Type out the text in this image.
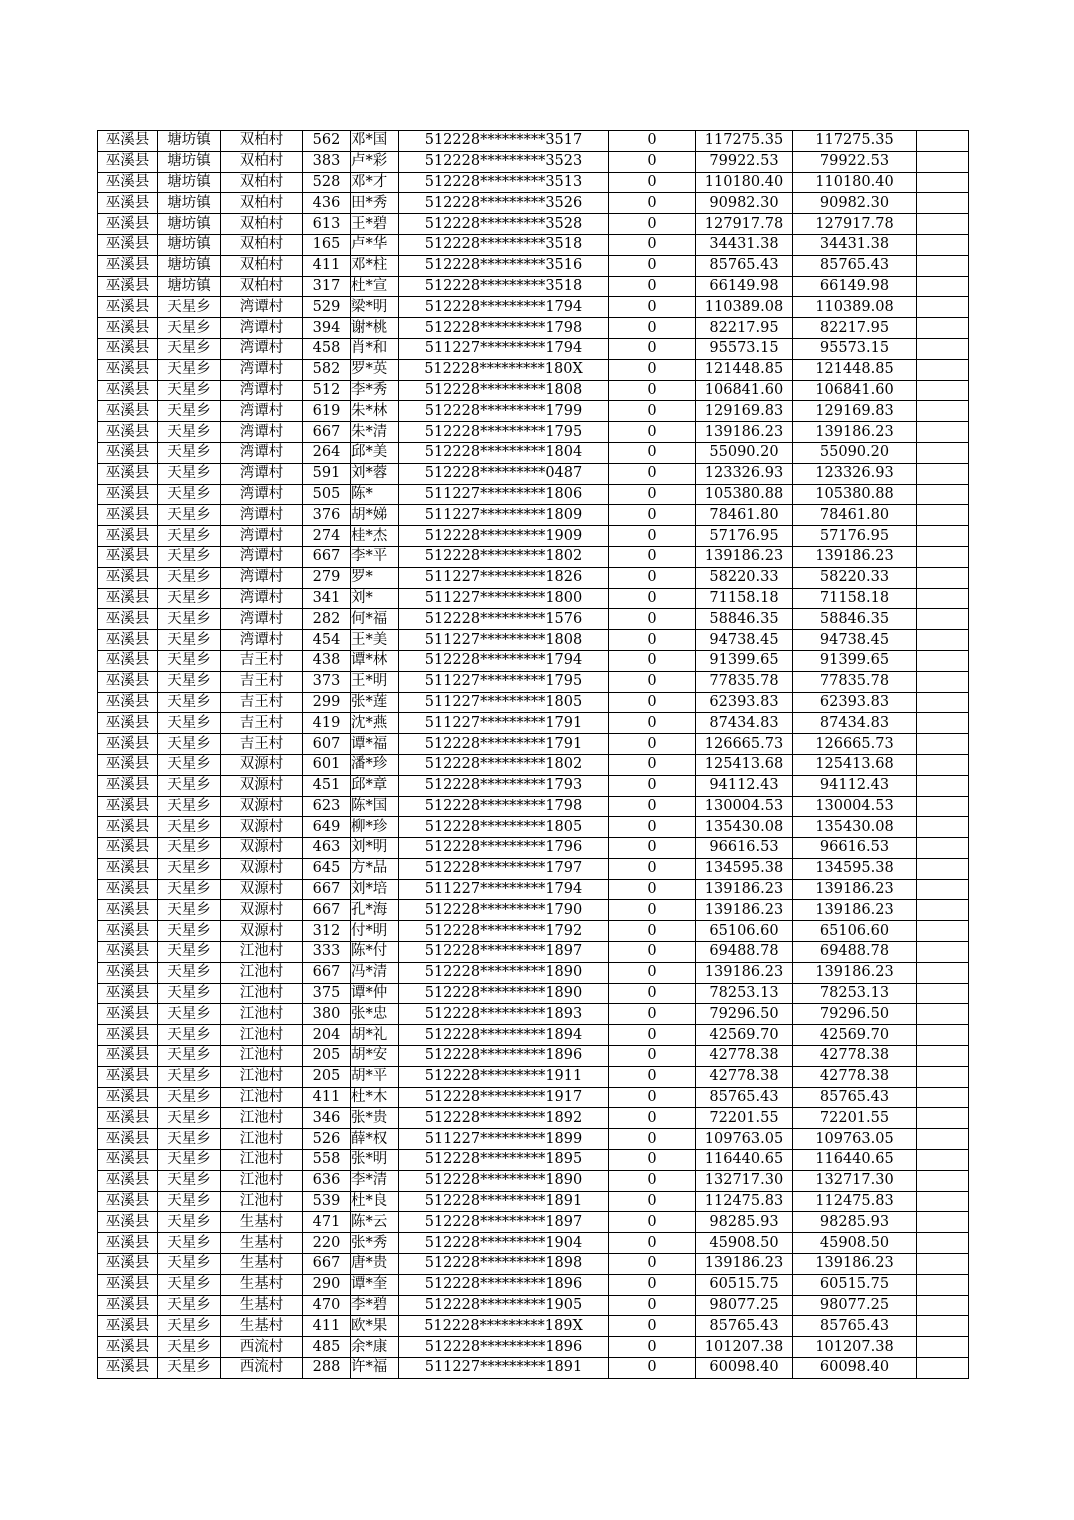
巫溪县	塘坊镇	双柏村	562	邓*国	512228*********3517	0	117275.35	117275.35	
巫溪县	塘坊镇	双柏村	383	卢*彩	512228*********3523	0	79922.53	79922.53	
巫溪县	塘坊镇	双柏村	528	邓*才	512228*********3513	0	110180.40	110180.40	
巫溪县	塘坊镇	双柏村	436	田*秀	512228*********3526	0	90982.30	90982.30	
巫溪县	塘坊镇	双柏村	613	王*碧	512228*********3528	0	127917.78	127917.78	
巫溪县	塘坊镇	双柏村	165	卢*华	512228*********3518	0	34431.38	34431.38	
巫溪县	塘坊镇	双柏村	411	邓*柱	512228*********3516	0	85765.43	85765.43	
巫溪县	塘坊镇	双柏村	317	杜*宣	512228*********3518	0	66149.98	66149.98	
巫溪县	天星乡	湾谭村	529	梁*明	512228*********1794	0	110389.08	110389.08	
巫溪县	天星乡	湾谭村	394	谢*桃	512228*********1798	0	82217.95	82217.95	
巫溪县	天星乡	湾谭村	458	肖*和	511227*********1794	0	95573.15	95573.15	
巫溪县	天星乡	湾谭村	582	罗*英	512228*********180X	0	121448.85	121448.85	
巫溪县	天星乡	湾谭村	512	李*秀	512228*********1808	0	106841.60	106841.60	
巫溪县	天星乡	湾谭村	619	朱*林	512228*********1799	0	129169.83	129169.83	
巫溪县	天星乡	湾谭村	667	朱*清	512228*********1795	0	139186.23	139186.23	
巫溪县	天星乡	湾谭村	264	邱*美	512228*********1804	0	55090.20	55090.20	
巫溪县	天星乡	湾谭村	591	刘*蓉	512228*********0487	0	123326.93	123326.93	
巫溪县	天星乡	湾谭村	505	陈*	511227*********1806	0	105380.88	105380.88	
巫溪县	天星乡	湾谭村	376	胡*娣	511227*********1809	0	78461.80	78461.80	
巫溪县	天星乡	湾谭村	274	桂*杰	512228*********1909	0	57176.95	57176.95	
巫溪县	天星乡	湾谭村	667	李*平	512228*********1802	0	139186.23	139186.23	
巫溪县	天星乡	湾谭村	279	罗*	511227*********1826	0	58220.33	58220.33	
巫溪县	天星乡	湾谭村	341	刘*	511227*********1800	0	71158.18	71158.18	
巫溪县	天星乡	湾谭村	282	何*福	512228*********1576	0	58846.35	58846.35	
巫溪县	天星乡	湾谭村	454	王*美	511227*********1808	0	94738.45	94738.45	
巫溪县	天星乡	吉王村	438	谭*林	512228*********1794	0	91399.65	91399.65	
巫溪县	天星乡	吉王村	373	王*明	511227*********1795	0	77835.78	77835.78	
巫溪县	天星乡	吉王村	299	张*莲	511227*********1805	0	62393.83	62393.83	
巫溪县	天星乡	吉王村	419	沈*燕	511227*********1791	0	87434.83	87434.83	
巫溪县	天星乡	吉王村	607	谭*福	512228*********1791	0	126665.73	126665.73	
巫溪县	天星乡	双源村	601	潘*珍	512228*********1802	0	125413.68	125413.68	
巫溪县	天星乡	双源村	451	邱*章	512228*********1793	0	94112.43	94112.43	
巫溪县	天星乡	双源村	623	陈*国	512228*********1798	0	130004.53	130004.53	
巫溪县	天星乡	双源村	649	柳*珍	512228*********1805	0	135430.08	135430.08	
巫溪县	天星乡	双源村	463	刘*明	512228*********1796	0	96616.53	96616.53	
巫溪县	天星乡	双源村	645	方*品	512228*********1797	0	134595.38	134595.38	
巫溪县	天星乡	双源村	667	刘*培	511227*********1794	0	139186.23	139186.23	
巫溪县	天星乡	双源村	667	孔*海	512228*********1790	0	139186.23	139186.23	
巫溪县	天星乡	双源村	312	付*明	512228*********1792	0	65106.60	65106.60	
巫溪县	天星乡	江池村	333	陈*付	512228*********1897	0	69488.78	69488.78	
巫溪县	天星乡	江池村	667	冯*清	512228*********1890	0	139186.23	139186.23	
巫溪县	天星乡	江池村	375	谭*仲	512228*********1890	0	78253.13	78253.13	
巫溪县	天星乡	江池村	380	张*忠	512228*********1893	0	79296.50	79296.50	
巫溪县	天星乡	江池村	204	胡*礼	512228*********1894	0	42569.70	42569.70	
巫溪县	天星乡	江池村	205	胡*安	512228*********1896	0	42778.38	42778.38	
巫溪县	天星乡	江池村	205	胡*平	512228*********1911	0	42778.38	42778.38	
巫溪县	天星乡	江池村	411	杜*木	512228*********1917	0	85765.43	85765.43	
巫溪县	天星乡	江池村	346	张*贵	512228*********1892	0	72201.55	72201.55	
巫溪县	天星乡	江池村	526	薛*权	511227*********1899	0	109763.05	109763.05	
巫溪县	天星乡	江池村	558	张*明	512228*********1895	0	116440.65	116440.65	
巫溪县	天星乡	江池村	636	李*清	512228*********1890	0	132717.30	132717.30	
巫溪县	天星乡	江池村	539	杜*良	512228*********1891	0	112475.83	112475.83	
巫溪县	天星乡	生基村	471	陈*云	512228*********1897	0	98285.93	98285.93	
巫溪县	天星乡	生基村	220	张*秀	512228*********1904	0	45908.50	45908.50	
巫溪县	天星乡	生基村	667	唐*贵	512228*********1898	0	139186.23	139186.23	
巫溪县	天星乡	生基村	290	谭*奎	512228*********1896	0	60515.75	60515.75	
巫溪县	天星乡	生基村	470	李*碧	512228*********1905	0	98077.25	98077.25	
巫溪县	天星乡	生基村	411	欧*果	512228*********189X	0	85765.43	85765.43	
巫溪县	天星乡	西流村	485	余*康	512228*********1896	0	101207.38	101207.38	
巫溪县	天星乡	西流村	288	许*福	511227*********1891	0	60098.40	60098.40	
